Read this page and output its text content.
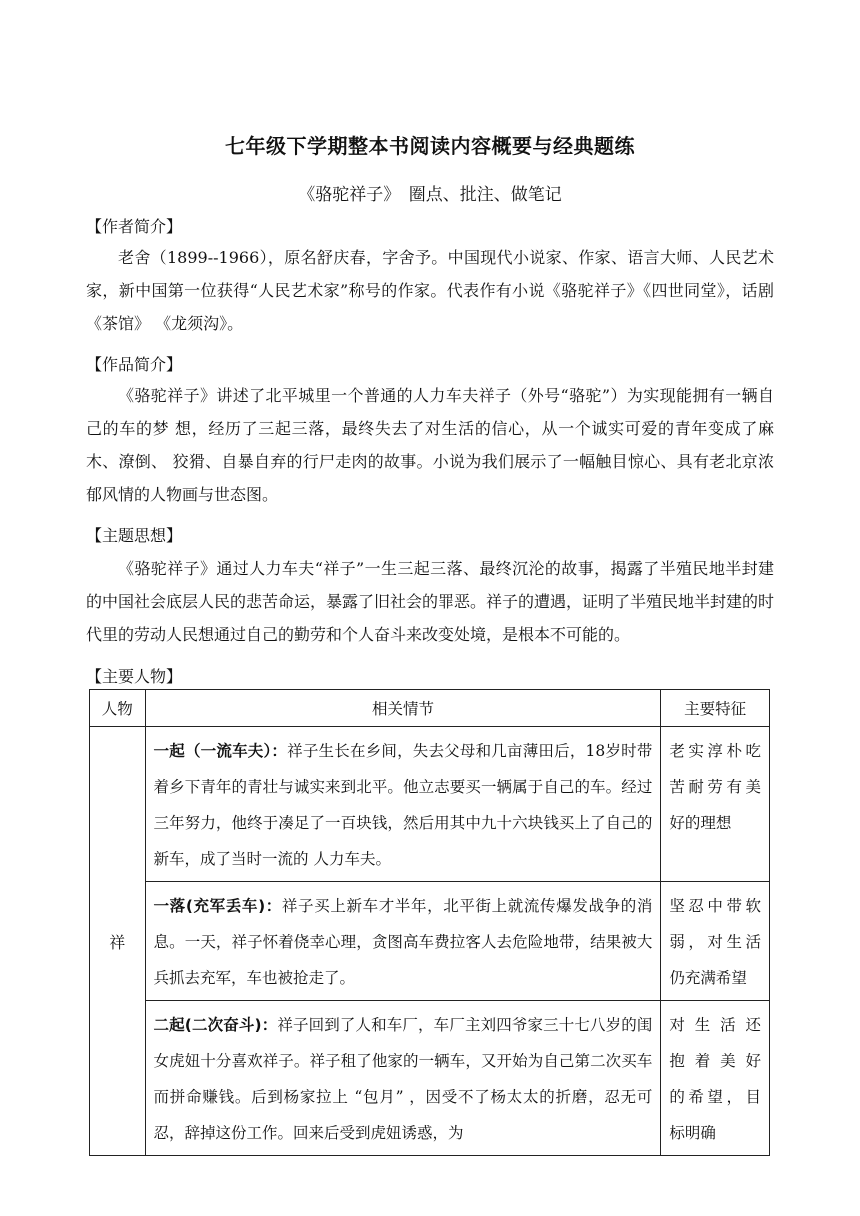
七年级下学期整本书阅读内容概要与经典题练
《骆驼祥子》　圈点、批注、做笔记
【作者简介】

老舍（1899--1966），原名舒庆春，字舍予。中国现代小说家、作家、语言大师、人民艺术家，新中国第一位获得“人民艺术家”称号的作家。代表作有小说《骆驼祥子》《四世同堂》，话剧《茶馆》 《龙须沟》。

【作品简介】

《骆驼祥子》讲述了北平城里一个普通的人力车夫祥子（外号“骆驼”）为实现能拥有一辆自己的车的梦 想，经历了三起三落，最终失去了对生活的信心，从一个诚实可爱的青年变成了麻木、潦倒、 狡猾、自暴自弃的行尸走肉的故事。小说为我们展示了一幅触目惊心、具有老北京浓郁风情的人物画与世态图。

【主题思想】

《骆驼祥子》通过人力车夫“祥子”一生三起三落、最终沉沦的故事，揭露了半殖民地半封建的中国社会底层人民的悲苦命运，暴露了旧社会的罪恶。祥子的遭遇，证明了半殖民地半封建的时代里的劳动人民想通过自己的勤劳和个人奋斗来改变处境，是根本不可能的。

【主要人物】
人物	相关情节	主要特征
祥	一起（一流车夫）：祥子生长在乡间，失去父母和几亩薄田后，18岁时带着乡下青年的青壮与诚实来到北平。他立志要买一辆属于自己的车。经过三年努力，他终于凑足了一百块钱，然后用其中九十六块钱买上了自己的新车，成了当时一流的 人力车夫。	老实淳朴吃苦耐劳有美好的理想
	一落(充军丢车)：祥子买上新车才半年，北平街上就流传爆发战争的消息。一天，祥子怀着侥幸心理，贪图高车费拉客人去危险地带，结果被大兵抓去充军，车也被抢走了。	坚忍中带软弱，对生活仍充满希望
	二起(二次奋斗)：祥子回到了人和车厂，车厂主刘四爷家三十七八岁的闺女虎妞十分喜欢祥子。祥子租了他家的一辆车，又开始为自己第二次买车而拼命赚钱。后到杨家拉上 “包月” ，因受不了杨太太的折磨，忍无可忍，辞掉这份工作。回来后受到虎妞诱惑，为	对 生 活 还 抱 着 美 好 的希望，目标明确
